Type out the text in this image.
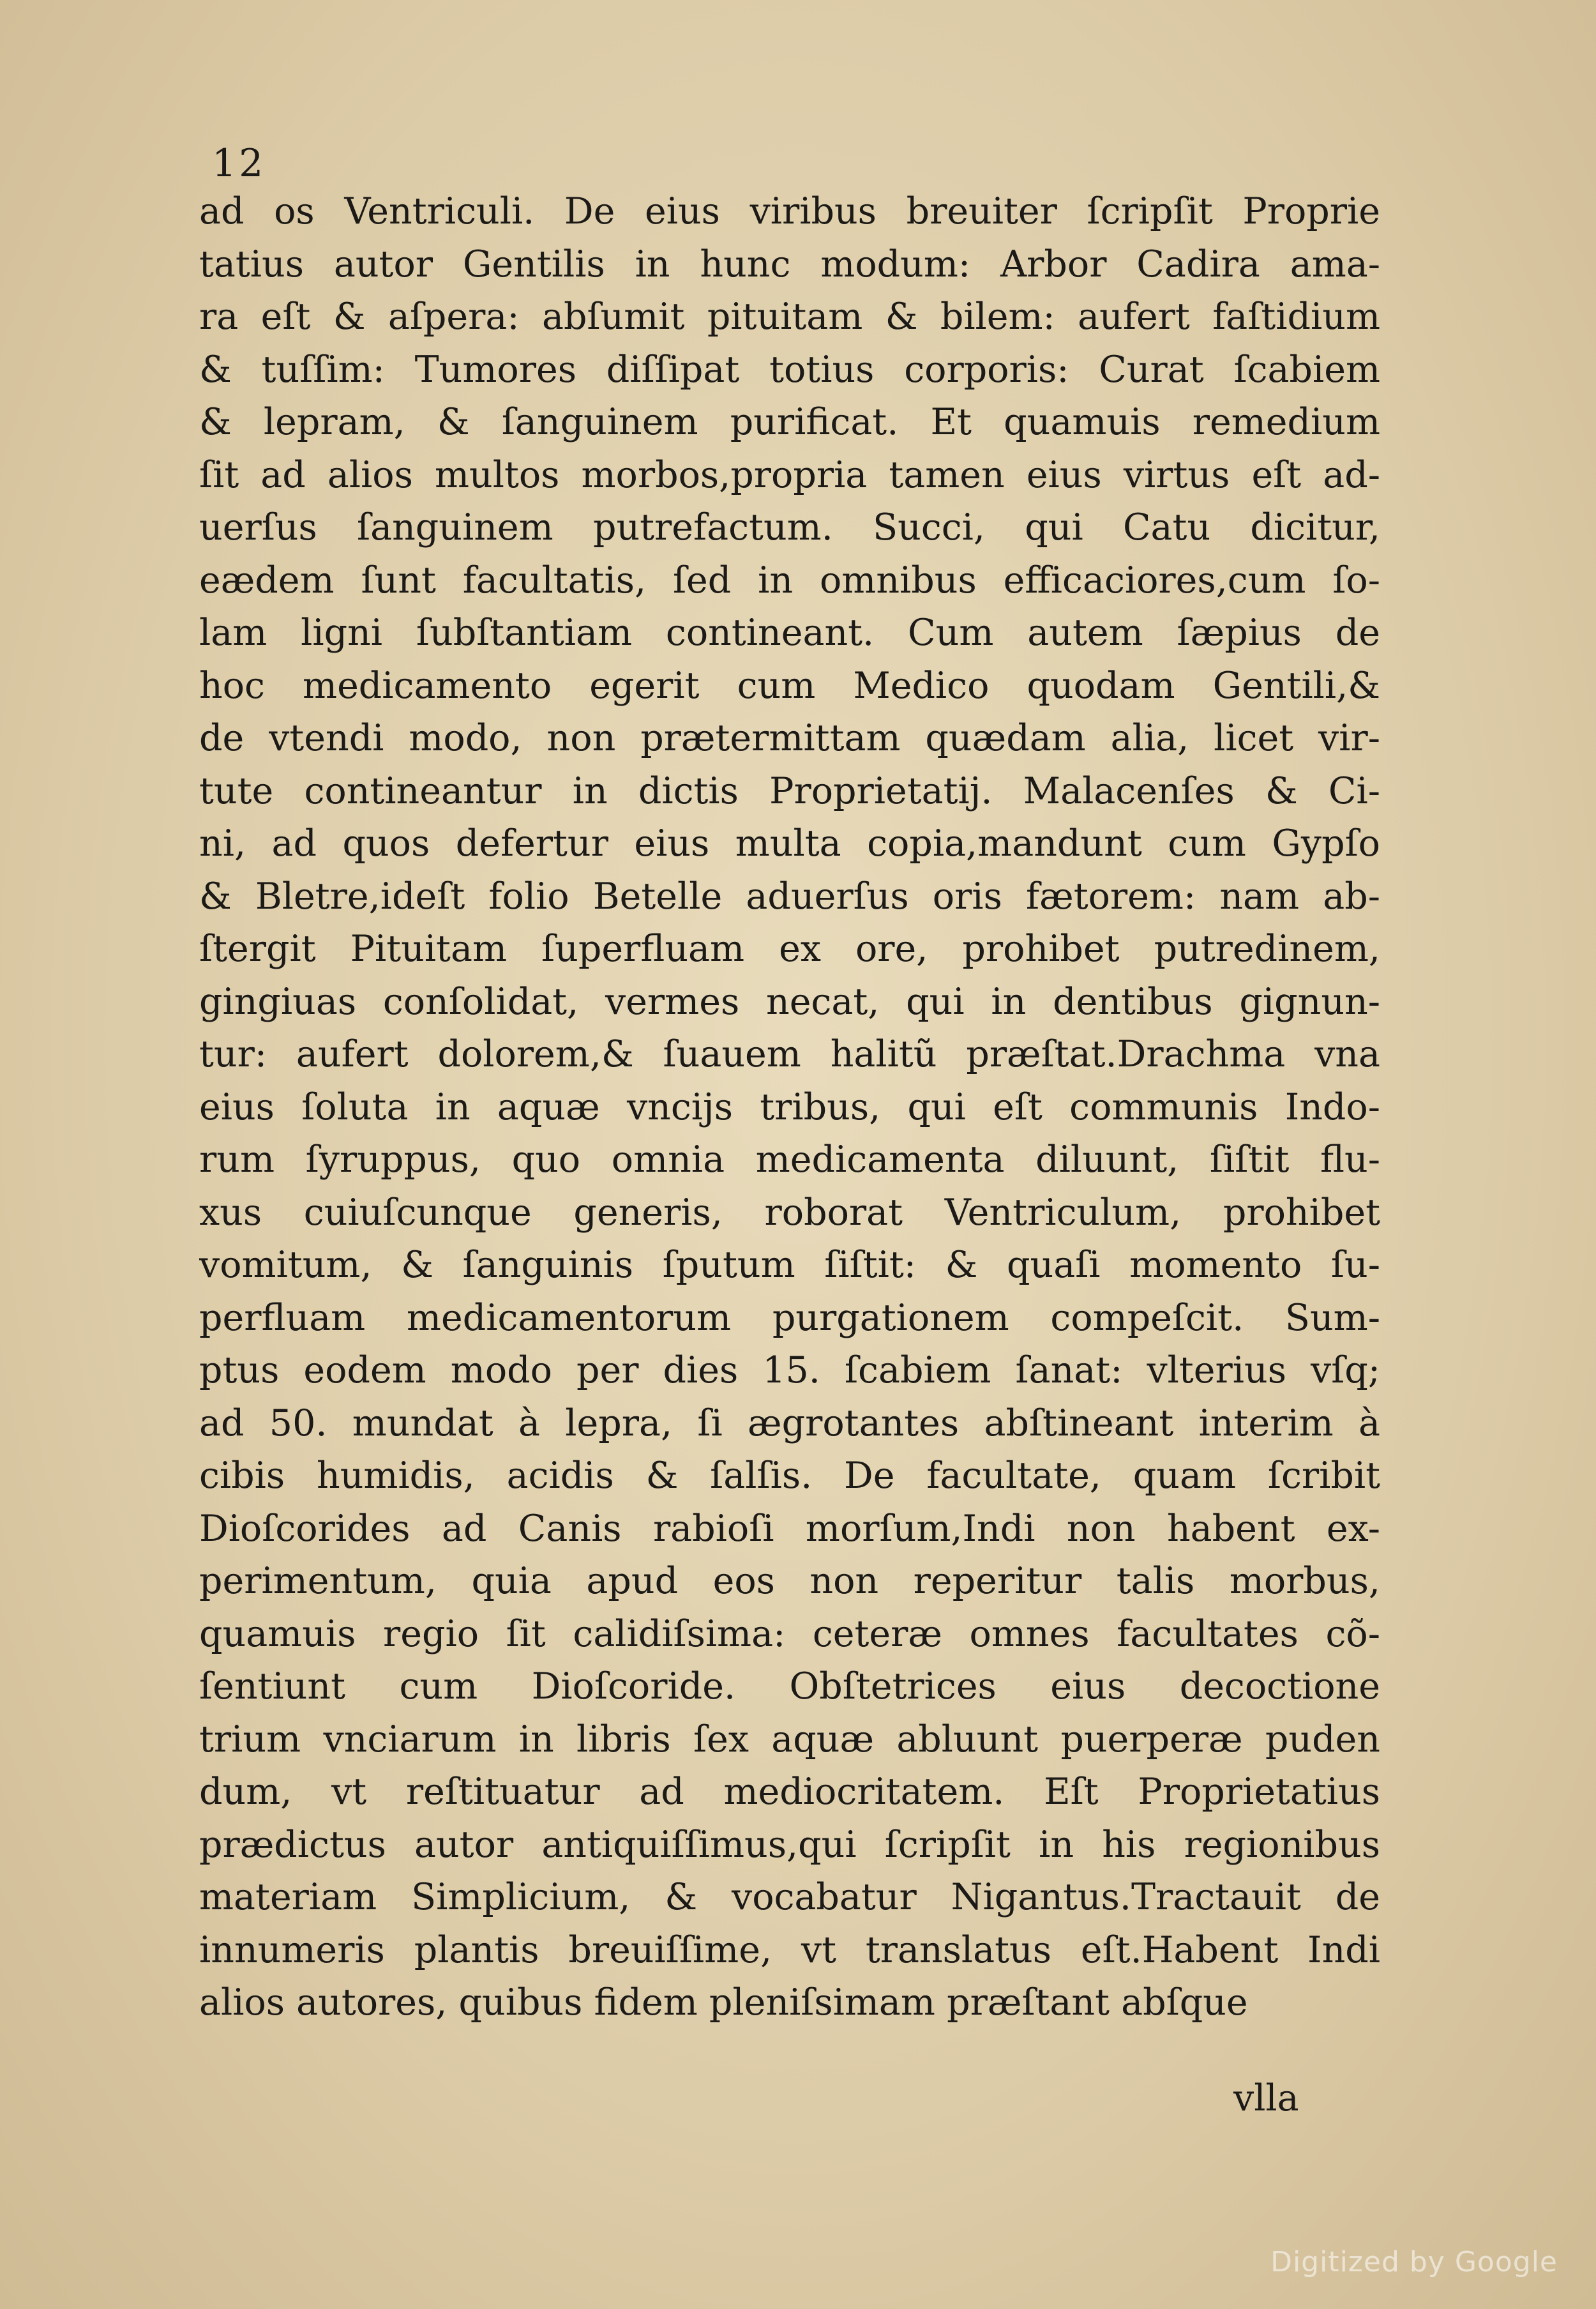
12
ad os Ventriculi. De eius viribus breuiter ſcripſit Proprie
tatius autor Gentilis in hunc modum: Arbor Cadira ama-
ra eſt & aſpera: abſumit pituitam & bilem: aufert faſtidium
& tuſſim: Tumores diſſipat totius corporis: Curat ſcabiem
& lepram, & ſanguinem purificat. Et quamuis remedium
ſit ad alios multos morbos,propria tamen eius virtus eſt ad-
uerſus ſanguinem putrefactum. Succi, qui Catu dicitur,
eædem ſunt facultatis, ſed in omnibus efficaciores,cum ſo-
lam ligni ſubſtantiam contineant. Cum autem ſæpius de
hoc medicamento egerit cum Medico quodam Gentili,&
de vtendi modo, non prætermittam quædam alia, licet vir-
tute contineantur in dictis Proprietatij. Malacenſes & Ci-
ni, ad quos defertur eius multa copia,mandunt cum Gypſo
& Bletre,ideſt folio Betelle aduerſus oris fætorem: nam ab-
ſtergit Pituitam ſuperfluam ex ore, prohibet putredinem,
gingiuas conſolidat, vermes necat, qui in dentibus gignun-
tur: aufert dolorem,& ſuauem halitũ præſtat.Drachma vna
eius ſoluta in aquæ vncijs tribus, qui eſt communis Indo-
rum ſyruppus, quo omnia medicamenta diluunt, ſiſtit flu-
xus cuiuſcunque generis, roborat Ventriculum, prohibet
vomitum, & ſanguinis ſputum ſiſtit: & quaſi momento ſu-
perfluam medicamentorum purgationem compeſcit. Sum-
ptus eodem modo per dies 15. ſcabiem ſanat: vlterius vſq;
ad 50. mundat à lepra, ſi ægrotantes abſtineant interim à
cibis humidis, acidis & ſalſis. De facultate, quam ſcribit
Dioſcorides ad Canis rabioſi morſum,Indi non habent ex-
perimentum, quia apud eos non reperitur talis morbus,
quamuis regio ſit calidiſsima: ceteræ omnes facultates cõ-
ſentiunt cum Dioſcoride. Obſtetrices eius decoctione
trium vnciarum in libris ſex aquæ abluunt puerperæ puden
dum, vt reſtituatur ad mediocritatem. Eſt Proprietatius
prædictus autor antiquiſſimus,qui ſcripſit in his regionibus
materiam Simplicium, & vocabatur Nigantus.Tractauit de
innumeris plantis breuiſſime, vt translatus eſt.Habent Indi
alios autores, quibus fidem pleniſsimam præſtant abſque
vlla
Digitized by Google
